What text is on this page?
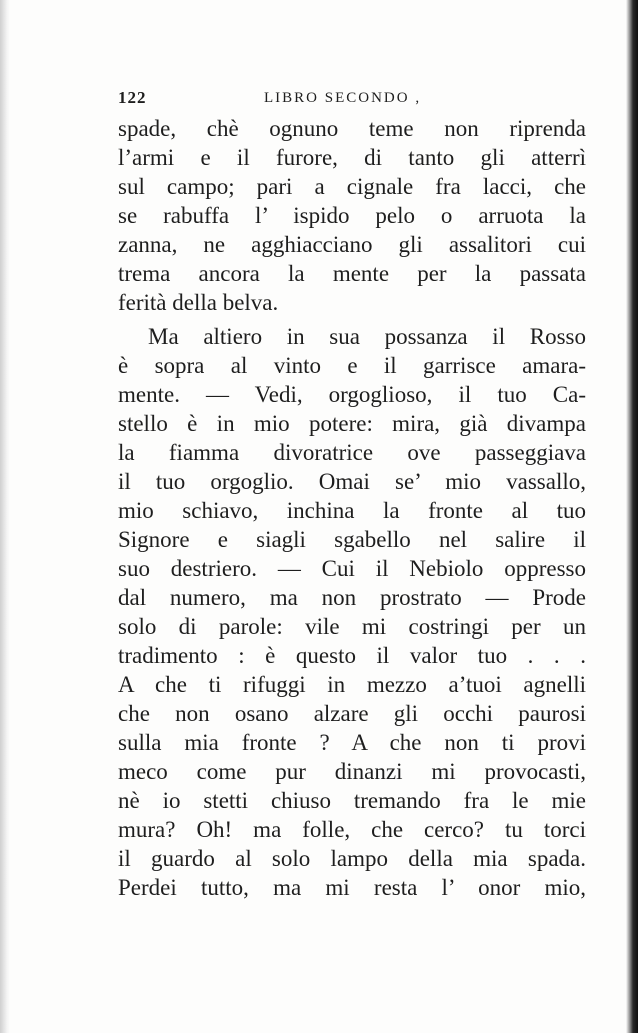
122	LIBRO SECONDO ,
spade, chè ognuno teme non riprenda
l’armi e il furore, di tanto gli atterrì
sul campo; pari a cignale fra lacci, che
se rabuffa l’ ispido pelo o arruota la
zanna, ne agghiacciano gli assalitori cui
trema ancora la mente per la passata
ferità della belva.
Ma altiero in sua possanza il Rosso
è sopra al vinto e il garrisce amara-
mente. — Vedi, orgoglioso, il tuo Ca-
stello è in mio potere: mira, già divampa
la fiamma divoratrice ove passeggiava
il tuo orgoglio. Omai se’ mio vassallo,
mio schiavo, inchina la fronte al tuo
Signore e siagli sgabello nel salire il
suo destriero. — Cui il Nebiolo oppresso
dal numero, ma non prostrato — Prode
solo di parole: vile mi costringi per un
tradimento : è questo il valor tuo . . .
A che ti rifuggi in mezzo a’tuoi agnelli
che non osano alzare gli occhi paurosi
sulla mia fronte ? A che non ti provi
meco come pur dinanzi mi provocasti,
nè io stetti chiuso tremando fra le mie
mura? Oh! ma folle, che cerco? tu torci
il guardo al solo lampo della mia spada.
Perdei tutto, ma mi resta l’ onor mio,
